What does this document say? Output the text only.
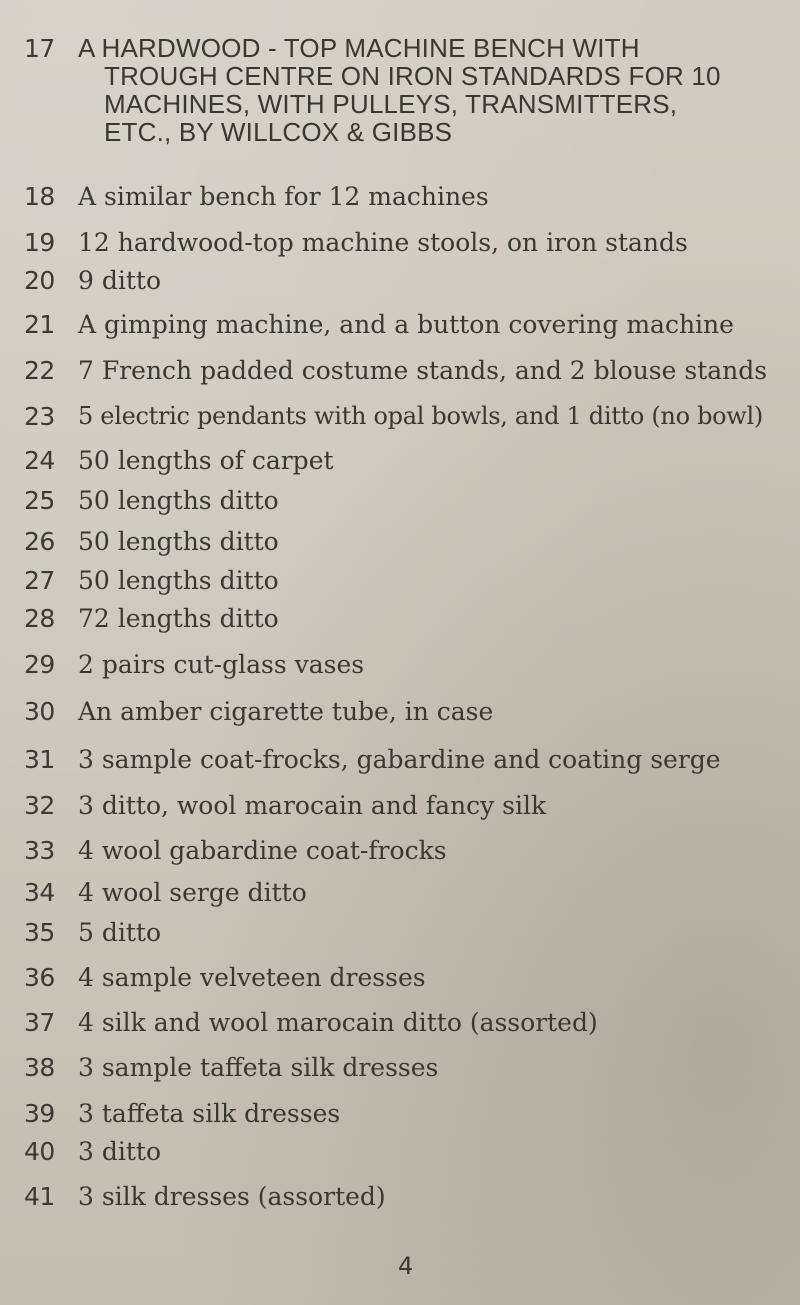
17 A HARDWOOD - TOP MACHINE BENCH WITH
TROUGH CENTRE ON IRON STANDARDS FOR 10
MACHINES, WITH PULLEYS, TRANSMITTERS,
ETC., BY WILLCOX & GIBBS
18 A similar bench for 12 machines
19 12 hardwood-top machine stools, on iron stands
20 9 ditto
21 A gimping machine, and a button covering machine
22 7 French padded costume stands, and 2 blouse stands
23 5 electric pendants with opal bowls, and 1 ditto (no bowl)
24 50 lengths of carpet
25 50 lengths ditto
26 50 lengths ditto
27 50 lengths ditto
28 72 lengths ditto
29 2 pairs cut-glass vases
30 An amber cigarette tube, in case
31 3 sample coat-frocks, gabardine and coating serge
32 3 ditto, wool marocain and fancy silk
33 4 wool gabardine coat-frocks
34 4 wool serge ditto
35 5 ditto
36 4 sample velveteen dresses
37 4 silk and wool marocain ditto (assorted)
38 3 sample taffeta silk dresses
39 3 taffeta silk dresses
40 3 ditto
41 3 silk dresses (assorted)
4
